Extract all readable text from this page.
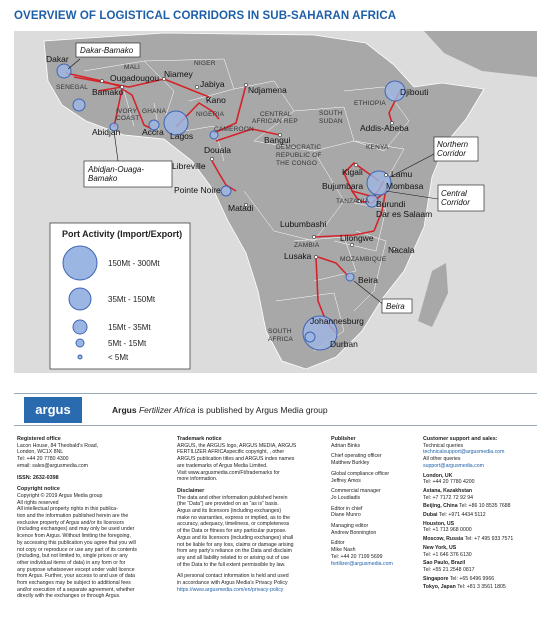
OVERVIEW OF LOGISTICAL CORRIDORS IN SUB-SAHARAN AFRICA
MALI
NIGER
SENEGAL
IVORY
COAST
GHANA	NIGERIA
CAMEROON
CENTRAL
AFRICAN REP
SOUTH
SUDAN
ETHIOPIA
DEMOCRATIC
REPUBLIC OF
THE CONGO
KENYA
TANZANIA
ZAMBIA
MOZAMBIQUE
SOUTH
AFRICA
Dakar
Bamako
Ougadougou Niamey
Jabiya
Kano
Ndjamena	Djibouti
Addis-Abeba
Abidjan	Accra Lagos
Douala
Bangui
Libreville
Pointe Noire
Matadi
Kigali	Lamu
Mombasa
Bujumbara
Burundi
Dar es Salaam
Lubumbashi
Lilongwe
Nacala
Lusaka
Beira
Johannesburg
Durban
Dakar-Bamako
Abidjan-Ouaga-Bamako
Northern Corridor
Central Corridor
Beira
Port Activity (Import/Export)
150Mt - 300Mt
35Mt - 150Mt
15Mt - 35Mt
5Mt - 15Mt
< 5Mt
argus	Argus Fertilizer Africa is published by Argus Media group
Registered office
Lacon House, 84 Theobald's Road,
London, WC1X 8NL
Tel: +44 20 7780 4300
email: sales@argusmedia.com
ISSN: 2632-0398
Copyright notice
Copyright © 2019 Argus Media group
All rights reserved
All intellectual property rights in this publica-
tion and the information published herein are the
exclusive property of Argus and/or its licensors
(including exchanges) and may only be used under
licence from Argus. Without limiting the foregoing,
by accessing this publication you agree that you will
not copy or reproduce or use any part of its contents
(including, but not limited to, single prices or any
other individual items of data) in any form or for
any purpose whatsoever except under valid licence
from Argus. Further, your access to and use of data
from exchanges may be subject to additional fees
and/or execution of a separate agreement, whether
directly with the exchanges or through Argus.
Trademark notice
ARGUS, the ARGUS logo, ARGUS MEDIA, ARGUS
FERTILIZER AFRICAspecific copyright, , other
ARGUS publication titles and ARGUS index names
are trademarks of Argus Media Limited.
Visit www.argusmedia.com/Ft/trademarks for
more information.
Disclaimer
The data and other information published herein
(the “Data”) are provided on an “as is” basis.
Argus and its licensors (including exchanges)
make no warranties, express or implied, as to the
accuracy, adequacy, timeliness, or completeness
of the Data or fitness for any particular purpose.
Argus and its licensors (including exchanges) shall
not be liable for any loss, claims or damage arising
from any party’s reliance on the Data and disclaim
any and all liability related to or arising out of use
of the Data to the full extent permissible by law.
All personal contact information is held and used
in accordance with Argus Media’s Privacy Policy
https://www.argusmedia.com/en/privacy-policy
Publisher
Adrian Binks
Chief operating officer
Matthew Burkley
Global compliance officer
Jeffrey Amos
Commercial manager
Jo Loudiadis
Editor in chief
Diane Munro
Managing editor
Andrew Bonnington
Editor
Mike Nash
Tel: +44 20 7199 5699
fertilizer@argusmedia.com
Customer support and sales:
Technical queries
technicalsupport@argusmedia.com
All other queries
support@argusmedia.com
London, UK
Tel: +44 20 7780 4200
Astana, Kazakhstan
Tel: +7 7172 72 92 94
Beijing, China Tel: +86 10 8535 7688
Dubai Tel: +971 4434 5112
Houston, US
Tel: +1 713 968 0000
Moscow, Russia Tel: +7 495 933 7571
New York, US
Tel: +1 646 376 6130
Sao Paulo, Brazil
Tel: +55 21 2548 0817
Singapore Tel: +65 6496 9966
Tokyo, Japan Tel: +81 3 3561 1805
